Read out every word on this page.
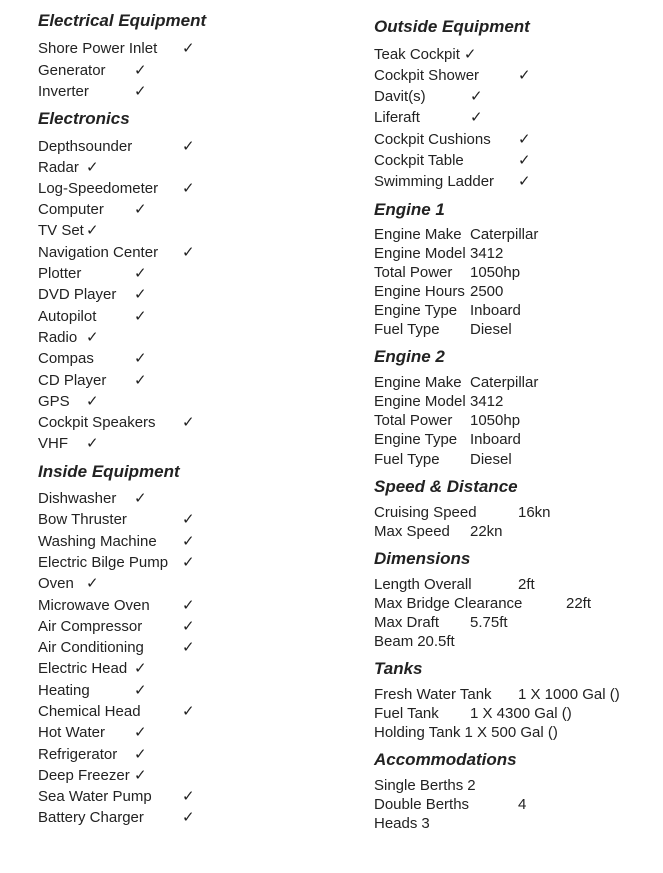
Electrical Equipment
Shore Power Inlet ✓
Generator ✓
Inverter	✓
Electronics
Depthsounder	✓
Radar ✓
Log-Speedometer ✓
Computer ✓
TV Set ✓
Navigation Center ✓
Plotter	✓
DVD Player ✓
Autopilot	✓
Radio ✓
Compas	✓
CD Player ✓
GPS ✓
Cockpit Speakers ✓
VHF ✓
Inside Equipment
Dishwasher ✓
Bow Thruster	✓
Washing Machine ✓
Electric Bilge Pump ✓
Oven ✓
Microwave Oven ✓
Air Compressor	✓
Air Conditioning	✓
Electric Head ✓
Heating	✓
Chemical Head	✓
Hot Water ✓
Refrigerator ✓
Deep Freezer ✓
Sea Water Pump ✓
Battery Charger	✓
Outside Equipment
Teak Cockpit ✓
Cockpit Shower	✓
Davit(s)	✓
Liferaft	✓
Cockpit Cushions ✓
Cockpit Table	✓
Swimming Ladder ✓
Engine 1
Engine Make Caterpillar
Engine Model 3412
Total Power 1050hp
Engine Hours 2500
Engine Type Inboard
Fuel Type Diesel
Engine 2
Engine Make Caterpillar
Engine Model 3412
Total Power 1050hp
Engine Type Inboard
Fuel Type Diesel
Speed & Distance
Cruising Speed	16kn
Max Speed 22kn
Dimensions
Length Overall	2ft
Max Bridge Clearance	22ft
Max Draft 5.75ft
Beam 20.5ft
Tanks
Fresh Water Tank 1 X 1000 Gal ()
Fuel Tank 1 X 4300 Gal ()
Holding Tank 1 X 500 Gal ()
Accommodations
Single Berths 2
Double Berths	4
Heads 3
